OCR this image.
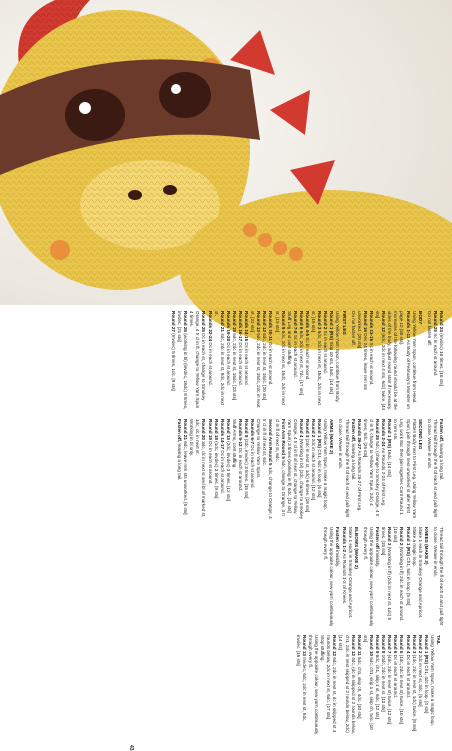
Round 24 (Invdec) 16 times. [16 sts]

Round 25 Sc in each st around.

Do not fasten off.

BODY

Using Yellow Yarn Spun, continue from Head.

Rounds 1-11 As Body of February's Monster on page 12 [30 sts].

Increases of the following round should be at the sides of the body, adjust round start if necessary.

Round 12 (6dc, 2dc in next 4 sts, 6dc) twice. [44 sts]

Rounds 13-15 Sc in each st around.

Round 16 Dec 24 times, leave rem sts unworked. [20 sts]

Do not fasten off.

FIRST LEG

Using Yellow Yarn Spun, continue from Body.

Round 1 (RS) Skip 10 sts, 16dc. [14 sts]

Round 2 Sc in each st around.

Round 3 5dc, 2dc in next st, 15dc, 2dc in next st. [16 sts]

Rounds 4-5 Sc in each st around.

Round 6 6dc, 2dc in next st, 7dc. [17 sts]

Round 7-8 Sc in each st around.

Stuff Leg and cont stuffing.

Round 9 5dc, 2dc in next st, 15dc, 2dc in next st. [19 sts]

Rounds 10-11 Dc in each st around.

Round 12 6dc, 2dc in next st, 16dc. [20 sts]

Round 13 5dc, 2dc in next st, 15dc, 2dc in next st. [22 sts]

Rounds 14-15 Dc in each st around.

Rounds 16-17 Dc in each st around.

Round 18 5dc, 2dc in next st, 16dc. [23 sts]

Rounds 19-20 Dc in each st around.

Round 21 4dc, 2dc in next st, 8dc, 2dc in next st.

Rounds 22-24 Dc in each st around.

Round 25 Dc in each st, change to Smokey Orange, 4 tr cl in fl, change to Yellow Yarn Spun 4 times.

Round 26 (working in bl) (invdec, 16dc) 8 times, invdec. [21 sts]

Round 27 (Invdec) 8 times, 1dc. [9 sts]

Fasten off, leaving a long tail.

Thread tail through the fl of each st and pull tight to close. Weave in ends.

SECOND LEG

Flatten Body next to First Leg. Using Yellow Yarn Spun, join through next unworked st after First Leg, work 8sc then join together. Cont Round 1 to rem sts.

Round 1 (RS) 16dc. [14 sts]

Rounds 2-24 As Rounds 2-24 of First Leg.

Round 25 5dc, (change to Smokey Orange, 4 tr cl in fl, change to Yellow Yarn Spun, 2dc) 4 times, 5dc. [26 sts]

Rounds 26-27 As Rounds 26-27 of First Leg.

Fasten off, leaving a long tail.

Thread tail through the fl of each st and pull tight to close. Weave in ends.

ARMS (MAKE 2)

Using Yellow Yarn Spun, make a magic loop.

Round 1 (RS) Ch1, 6dc in loop. [6 sts]

Round 2 2dc in each st around. [12 sts]

Round 3 (2dc in next st, 1dc) 6 times. [18 sts]

Round 4 (Working in bl) (2dc, change to Smokey Orange, 4 tr cl in fl of next st, change to Yellow Yarn Spun) 3 times (working in fl) 6dc. [12 sts]

First Arm Round 5 5dc, change to Orange, 4 tr cl in fl of next st, 6dc.

Second Arm Round 5 1dc, change to Orange, 4 tr cl in fl of next st, 6dc.

Change to Yellow Yarn Spun.

Rounds 6-7 Dc in each st around.

Round 8 (2dc, invdec) 3 times. [15 sts]

Rounds 9-12 Dc in each st around.

Stuff Arms, cont stuffing.

Round 13 (2dc, invdec) 3 times. [12 sts]

Rounds 14-17 Dc in each st around.

Round 18 (1dc, invdec) 3 times. [9 sts]

Round 19 Dc in each st around.

Round 20 3dc, dc in next st and bl of marked st, 1dc, dc in next st.

Working in bl only.

Round 21 6dc, leave rem sts unworked. [6 sts]

Fasten off, leaving a long tail.

Thread tail through the fl of each st and pull tight to close. Weave in ends.

KNEES (MAKE 2)

Make 1 each in Smokey Orange and Apricot.

Make a magic loop.

Round 1 (RS) Ch1, 5dc in loop. [5 sts]

Round 2 (Working in fl) 2dc in each st around. [10 sts]

Round 3 (Working in fl) (2dc in next st, 1dc) 5 times. [15 sts]

Fasten off invisibly.

Using the opposite colour, sew yarn continuously through every fl.

ELBOWS (MAKE 2)

Make 1 each in Smokey Orange and Apricot.

Rounds 1-2 As Rounds 1-2 of Knees.

Fasten off invisibly.

Using the opposite colour, sew yarn continuously through every fl.

TAIL

Using Yellow Yarn Spun, make a magic loop.

Round 1 (RS) Ch1, 4dc in loop. [4 sts]

Round 2 2dc in next st, 3dc. [5 sts]

Round 3 (1dc, 2dc in next st, 1dc) twice. [8 sts]

Round 4 Dc in each st around.

Round 5 (1dc, 2dc in next st) twice. [10 sts]

Round 6 Dc in each st around.

Round 7 (4dc, 2dc in next st) twice. [12 sts]

Round 8 10dc, 2dc in next st. [13 sts]

Round 9 6dc, ch1, skip 1 st, 6dc. [12 sts]

Round 10 5dc, ch1, skip 1 st, skip ch, 5dc. [10 sts]

Round 11 5dc, ch1, skip ch, 4dc. [10 sts]

Round 12 4dc, (dc in skipped st 2 rounds below, ch1, 2dc in next skipped st 2 rounds below, 2dc) [14 sts]

Round 12 6dc, 2dc in next st, dc in skipped st 4 rounds below, 2dc in next st, 6dc. [17 sts]

Stop stuffing.

Using the opposite colour, sew yarn continuously through every fl.

Round 13 Invdec, 6dc, 2dc in next st, 6dc, invdec. [16 sts]

43
